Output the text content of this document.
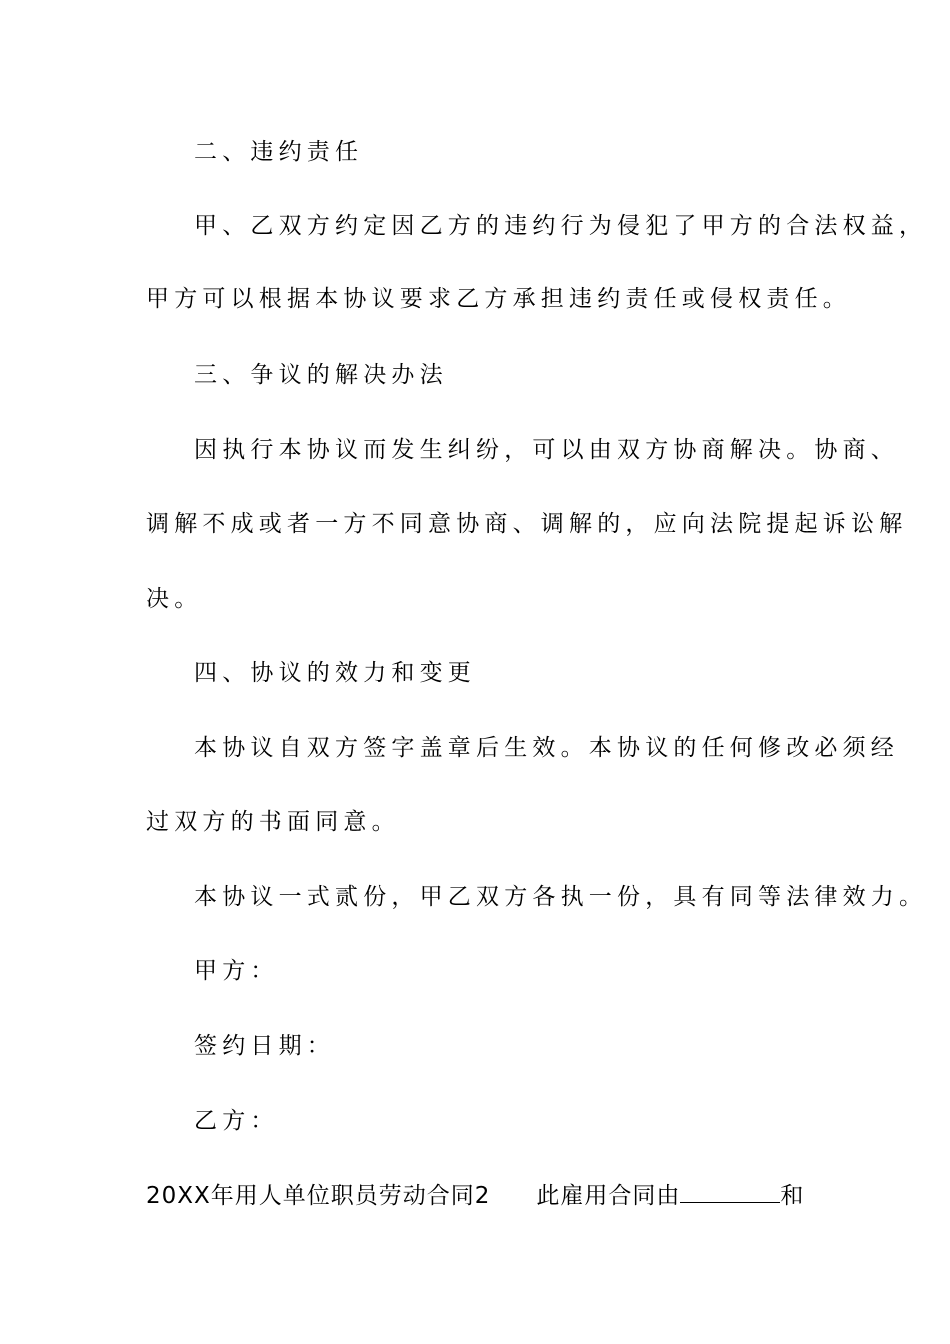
二、违约责任
甲、乙双方约定因乙方的违约行为侵犯了甲方的合法权益，
甲方可以根据本协议要求乙方承担违约责任或侵权责任。
三、争议的解决办法
因执行本协议而发生纠纷，可以由双方协商解决。协商、
调解不成或者一方不同意协商、调解的，应向法院提起诉讼解
决。
四、协议的效力和变更
本协议自双方签字盖章后生效。本协议的任何修改必须经
过双方的书面同意。
本协议一式贰份，甲乙双方各执一份，具有同等法律效力。
甲方：
签约日期：
乙方：
20XX年用人单位职员劳动合同2 此雇用合同由	和
